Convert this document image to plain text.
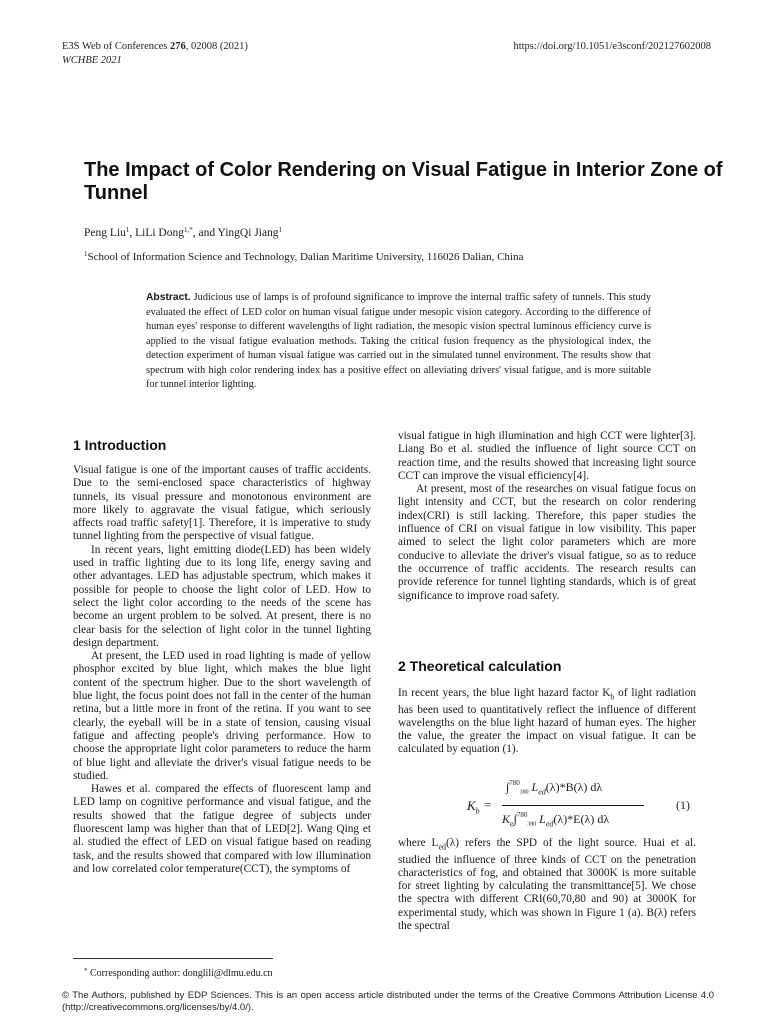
E3S Web of Conferences 276, 02008 (2021)
WCHBE 2021
https://doi.org/10.1051/e3sconf/202127602008
The Impact of Color Rendering on Visual Fatigue in Interior Zone of Tunnel
Peng Liu$^1$, LiLi Dong$^{1,*}$, and YingQi Jiang$^1$
$^1$School of Information Science and Technology, Dalian Maritime University, 116026 Dalian, China
Abstract. Judicious use of lamps is of profound significance to improve the internal traffic safety of tunnels. This study evaluated the effect of LED color on human visual fatigue under mesopic vision category. According to the difference of human eyes' response to different wavelengths of light radiation, the mesopic vision spectral luminous efficiency curve is applied to the visual fatigue evaluation methods. Taking the critical fusion frequency as the physiological index, the detection experiment of human visual fatigue was carried out in the simulated tunnel environment. The results show that spectrum with high color rendering index has a positive effect on alleviating drivers' visual fatigue, and is more suitable for tunnel interior lighting.
1 Introduction

Visual fatigue is one of the important causes of traffic accidents. Due to the semi-enclosed space characteristics of highway tunnels, its visual pressure and monotonous environment are more likely to aggravate the visual fatigue, which seriously affects road traffic safety[1]. Therefore, it is imperative to study tunnel lighting from the perspective of visual fatigue.

In recent years, light emitting diode(LED) has been widely used in traffic lighting due to its long life, energy saving and other advantages. LED has adjustable spectrum, which makes it possible for people to choose the light color of LED. How to select the light color according to the needs of the scene has become an urgent problem to be solved. At present, there is no clear basis for the selection of light color in the tunnel lighting design department.

At present, the LED used in road lighting is made of yellow phosphor excited by blue light, which makes the blue light content of the spectrum higher. Due to the short wavelength of blue light, the focus point does not fall in the center of the human retina, but a little more in front of the retina. If you want to see clearly, the eyeball will be in a state of tension, causing visual fatigue and affecting people's driving performance. How to choose the appropriate light color parameters to reduce the harm of blue light and alleviate the driver's visual fatigue needs to be studied.

Hawes et al. compared the effects of fluorescent lamp and LED lamp on cognitive performance and visual fatigue, and the results showed that the fatigue degree of subjects under fluorescent lamp was higher than that of LED[2]. Wang Qing et al. studied the effect of LED on visual fatigue based on reading task, and the results showed that compared with low illumination and low correlated color temperature(CCT), the symptoms of

visual fatigue in high illumination and high CCT were lighter[3]. Liang Bo et al. studied the influence of light source CCT on reaction time, and the results showed that increasing light source CCT can improve the visual efficiency[4].

At present, most of the researches on visual fatigue focus on light intensity and CCT, but the research on color rendering index(CRI) is still lacking. Therefore, this paper studies the influence of CRI on visual fatigue in low visibility. This paper aimed to select the light color parameters which are more conducive to alleviate the driver's visual fatigue, so as to reduce the occurrence of traffic accidents. The research results can provide reference for tunnel lighting standards, which is of great significance to improve road safety.

2 Theoretical calculation
In recent years, the blue light hazard factor $K_b$ of light radiation has been used to quantitatively reflect the influence of different wavelengths on the blue light hazard of human eyes. The higher the value, the greater the impact on visual fatigue. It can be calculated by equation (1).
$K_b$ =
∫$^{780}_{380}$ $L_{ed}(\lambda)*B(\lambda)$ dλ
$K_e\int^{780}_{380}$ $L_{ed}(\lambda)*E(\lambda)$ dλ
(1)
where $L_{ed}(\lambda)$ refers the SPD of the light source. Huai et al. studied the influence of three kinds of CCT on the penetration characteristics of fog, and obtained that 3000K is more suitable for street lighting by calculating the transmittance[5]. We chose the spectra with different CRI(60,70,80 and 90) at 3000K for experimental study, which was shown in Figure 1 (a). B(λ) refers the spectral
* Corresponding author: donglili@dlmu.edu.cn
© The Authors, published by EDP Sciences. This is an open access article distributed under the terms of the Creative Commons Attribution License 4.0 (http://creativecommons.org/licenses/by/4.0/).
